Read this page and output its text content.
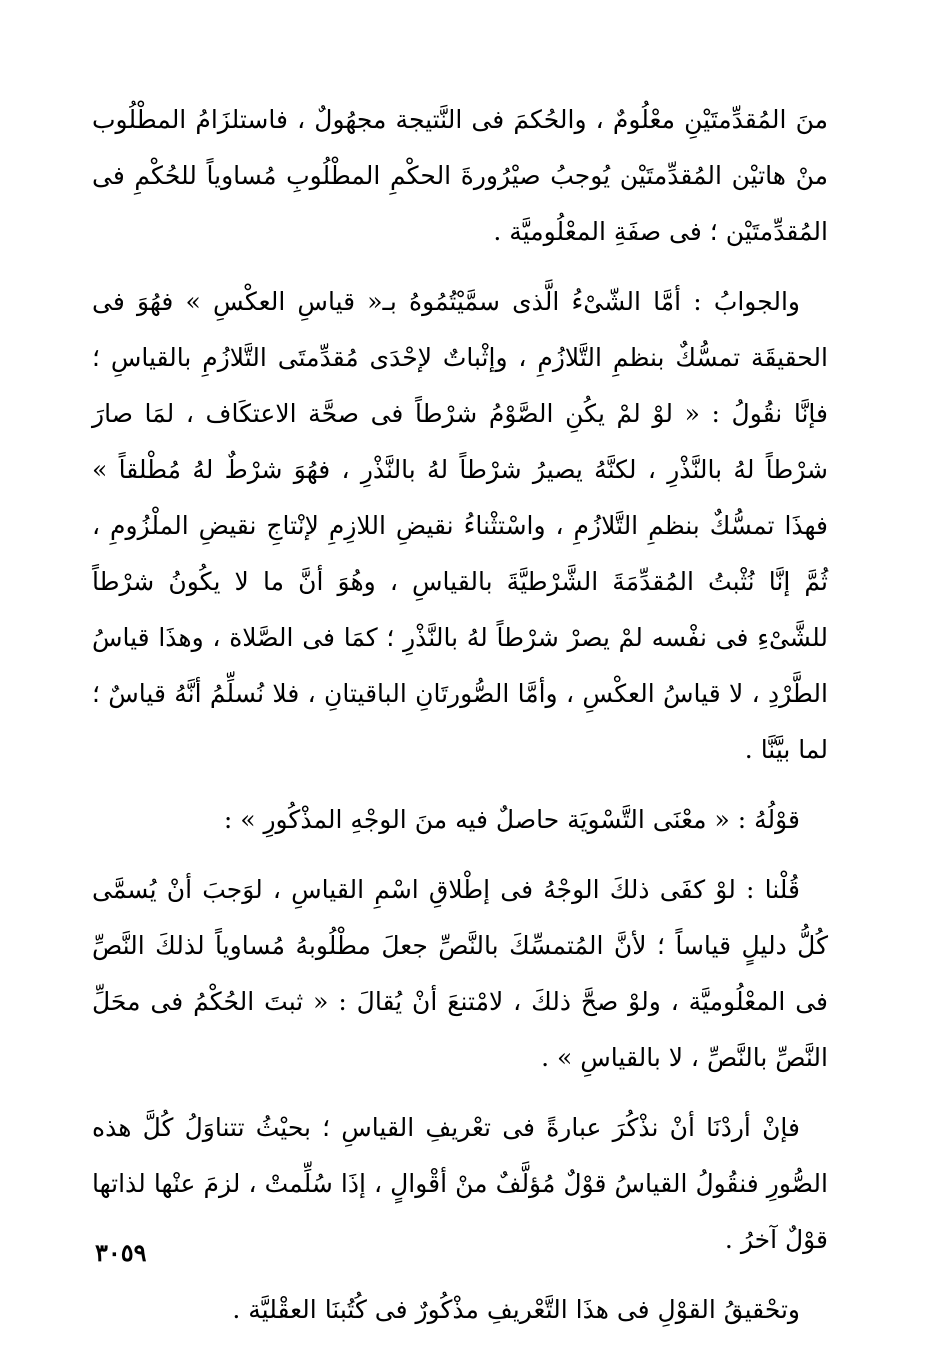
منَ المُقدِّمتَيْنِ معْلُومٌ ، والحُكمَ فى النَّتيجة مجهُولٌ ، فاستلزَامُ المطْلُوب منْ هاتيْن المُقدِّمتَيْن يُوجبُ صيْرُورةَ الحكْمِ المطْلُوبِ مُساوياً للحُكْمِ فى المُقدِّمتَيْن ؛ فى صفَةِ المعْلُوميَّة .

والجوابُ : أمَّا الشّىْءُ الَّذى سمَّيْتُمُوهُ بـ« قياسِ العكْسِ » فهُوَ فى الحقيقَة تمسُّكٌ بنظمِ التَّلازُمِ ، وإثْباتٌ لإحْدَى مُقدِّمتَى التَّلازُمِ بالقياسِ ؛ فإنَّا نقُولُ : « لوْ لمْ يكُنِ الصَّوْمُ شرْطاً فى صحَّة الاعتكَاف ، لمَا صارَ شرْطاً لهُ بالنَّذْرِ ، لكنَّهُ يصيرُ شرْطاً لهُ بالنَّذْرِ ، فهُوَ شرْطٌ لهُ مُطْلقاً » فهذَا تمسُّكٌ بنظمِ التَّلازُمِ ، واسْتثْناءُ نقيضِ اللازِمِ لإنْتاجِ نقيضِ الملْزُومِ ، ثُمَّ إنَّا نُثْبتُ المُقدِّمَةَ الشَّرْطيَّةَ بالقياسِ ، وهُوَ أنَّ ما لا يكُونُ شرْطاً للشَّىْءِ فى نفْسه لمْ يصرْ شرْطاً لهُ بالنَّذْرِ ؛ كمَا فى الصَّلاة ، وهذَا قياسُ الطَّرْدِ ، لا قياسُ العكْسِ ، وأمَّا الصُّورتَانِ الباقيتانِ ، فلا نُسلِّمُ أنَّهُ قياسٌ ؛ لما بيَّنَّا .

قوْلُهُ : « معْنَى التَّسْويَة حاصلٌ فيه منَ الوجْهِ المذْكُورِ » :

قُلْنا : لوْ كفَى ذلكَ الوجْهُ فى إطْلاقِ اسْمِ القياسِ ، لوَجبَ أنْ يُسمَّى كُلُّ دليلٍ قياساً ؛ لأنَّ المُتمسِّكَ بالنَّصِّ جعلَ مطْلُوبهُ مُساوياً لذلكَ النَّصِّ فى المعْلُوميَّة ، ولوْ صحَّ ذلكَ ، لامْتنعَ أنْ يُقالَ : « ثبتَ الحُكْمُ فى محَلِّ النَّصِّ بالنَّصِّ ، لا بالقياسِ » .

فإنْ أردْنَا أنْ نذْكُرَ عبارةً فى تعْريفِ القياسِ ؛ بحيْثُ تتناوَلُ كُلَّ هذه الصُّورِ فنقُولُ القياسُ قوْلٌ مُؤلَّفٌ منْ أقْوالٍ ، إذَا سُلِّمتْ ، لزمَ عنْها لذاتها قوْلٌ آخرُ .

وتحْقيقُ القوْلِ فى هذَا التَّعْريفِ مذْكُورٌ فى كُتُبنَا العقْليَّة .

٣٠٥٩
